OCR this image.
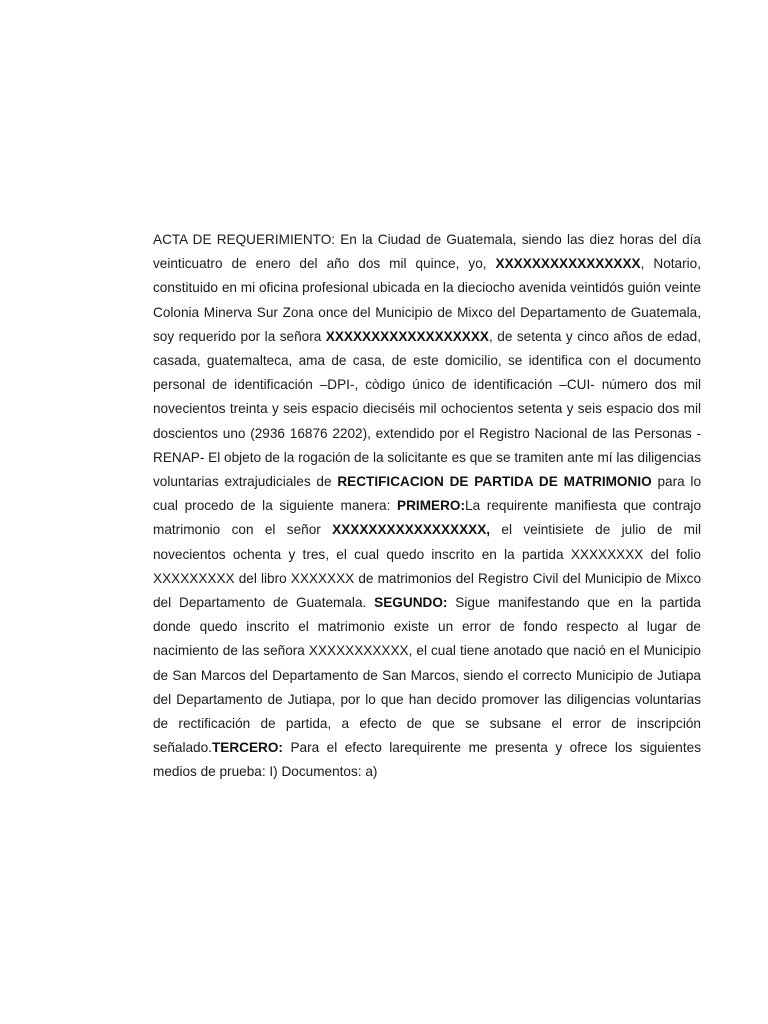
ACTA DE REQUERIMIENTO: En la Ciudad de Guatemala, siendo las diez horas del día veinticuatro de enero del año dos mil quince, yo, XXXXXXXXXXXXXXXX, Notario, constituido en mi oficina profesional ubicada en la dieciocho avenida veintidós guión veinte Colonia Minerva Sur Zona once del Municipio de Mixco del Departamento de Guatemala, soy requerido por la señora XXXXXXXXXXXXXXXXXX, de setenta y cinco años de edad, casada, guatemalteca, ama de casa, de este domicilio, se identifica con el documento personal de identificación –DPI-, còdigo único de identificación –CUI- número dos mil novecientos treinta y seis espacio dieciséis mil ochocientos setenta y seis espacio dos mil doscientos uno (2936 16876 2202), extendido por el Registro Nacional de las Personas -RENAP- El objeto de la rogación de la solicitante es que se tramiten ante mí las diligencias voluntarias extrajudiciales de RECTIFICACION DE PARTIDA DE MATRIMONIO para lo cual procedo de la siguiente manera: PRIMERO:La requirente manifiesta que contrajo matrimonio con el señor XXXXXXXXXXXXXXXXX, el veintisiete de julio de mil novecientos ochenta y tres, el cual quedo inscrito en la partida XXXXXXXX del folio XXXXXXXXX del libro XXXXXXX de matrimonios del Registro Civil del Municipio de Mixco del Departamento de Guatemala. SEGUNDO: Sigue manifestando que en la partida donde quedo inscrito el matrimonio existe un error de fondo respecto al lugar de nacimiento de las señora XXXXXXXXXXX, el cual tiene anotado que nació en el Municipio de San Marcos del Departamento de San Marcos, siendo el correcto Municipio de Jutiapa del Departamento de Jutiapa, por lo que han decido promover las diligencias voluntarias de rectificación de partida, a efecto de que se subsane el error de inscripción señalado.TERCERO: Para el efecto larequirente me presenta y ofrece los siguientes medios de prueba: I) Documentos: a)
